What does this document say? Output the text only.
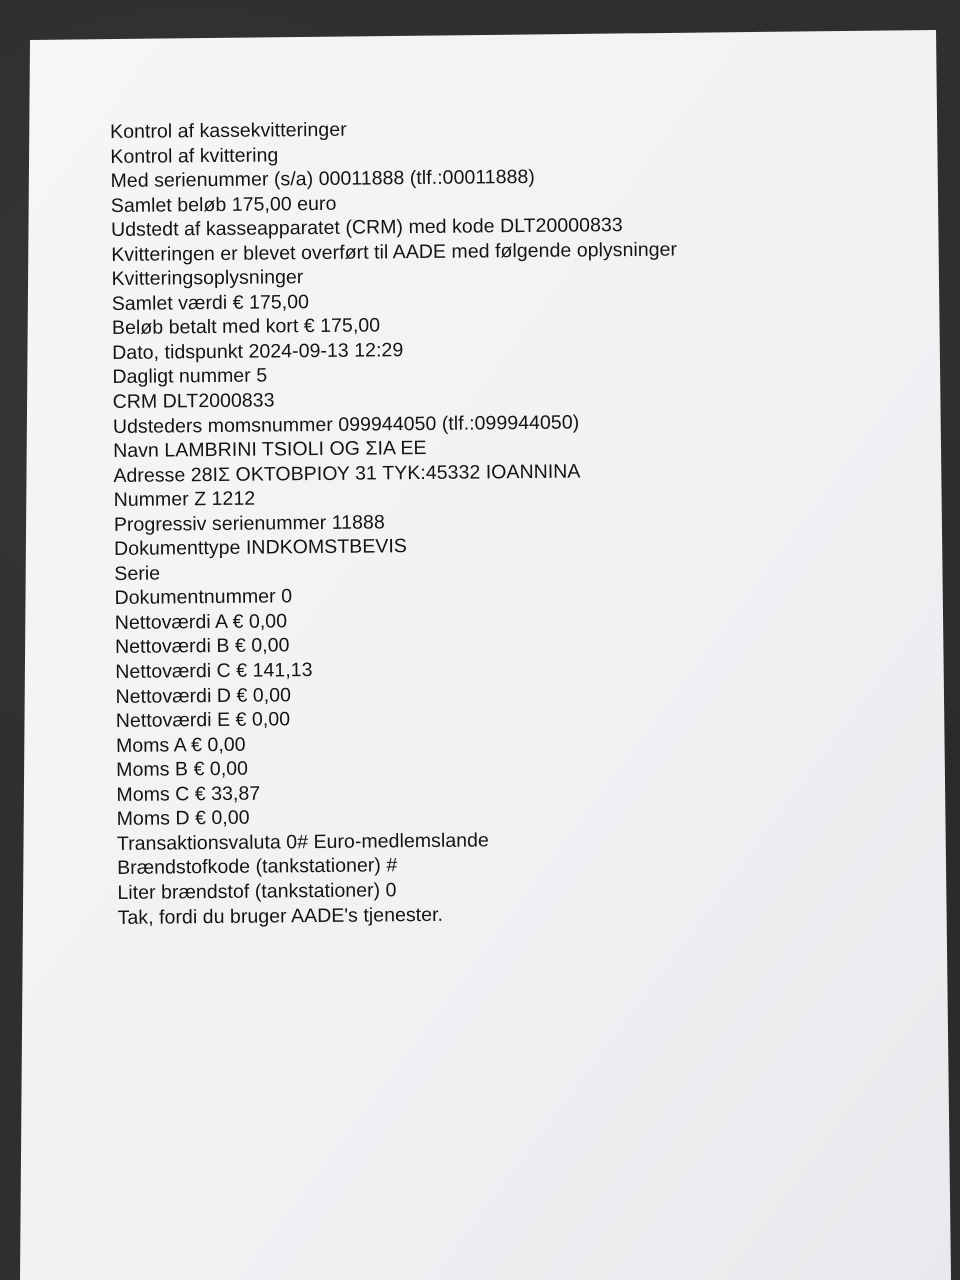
Kontrol af kassekvitteringer
Kontrol af kvittering
Med serienummer (s/a) 00011888 (tlf.:00011888)
Samlet beløb 175,00 euro
Udstedt af kasseapparatet (CRM) med kode DLT20000833
Kvitteringen er blevet overført til AADE med følgende oplysninger
Kvitteringsoplysninger
Samlet værdi € 175,00
Beløb betalt med kort € 175,00
Dato, tidspunkt 2024-09-13 12:29
Dagligt nummer 5
CRM DLT2000833
Udsteders momsnummer 099944050 (tlf.:099944050)
Navn LAMBRINI TSIOLI OG ΣΙΑ EE
Adresse 28IΣ ΟΚΤΟΒΡΙΟΥ 31 TYK:45332 IOANNINA
Nummer Z 1212
Progressiv serienummer 11888
Dokumenttype INDKOMSTBEVIS
Serie
Dokumentnummer 0
Nettoværdi A € 0,00
Nettoværdi B € 0,00
Nettoværdi C € 141,13
Nettoværdi D € 0,00
Nettoværdi E € 0,00
Moms A € 0,00
Moms B € 0,00
Moms C € 33,87
Moms D € 0,00
Transaktionsvaluta 0# Euro-medlemslande
Brændstofkode (tankstationer) #
Liter brændstof (tankstationer) 0
Tak, fordi du bruger AADE's tjenester.
